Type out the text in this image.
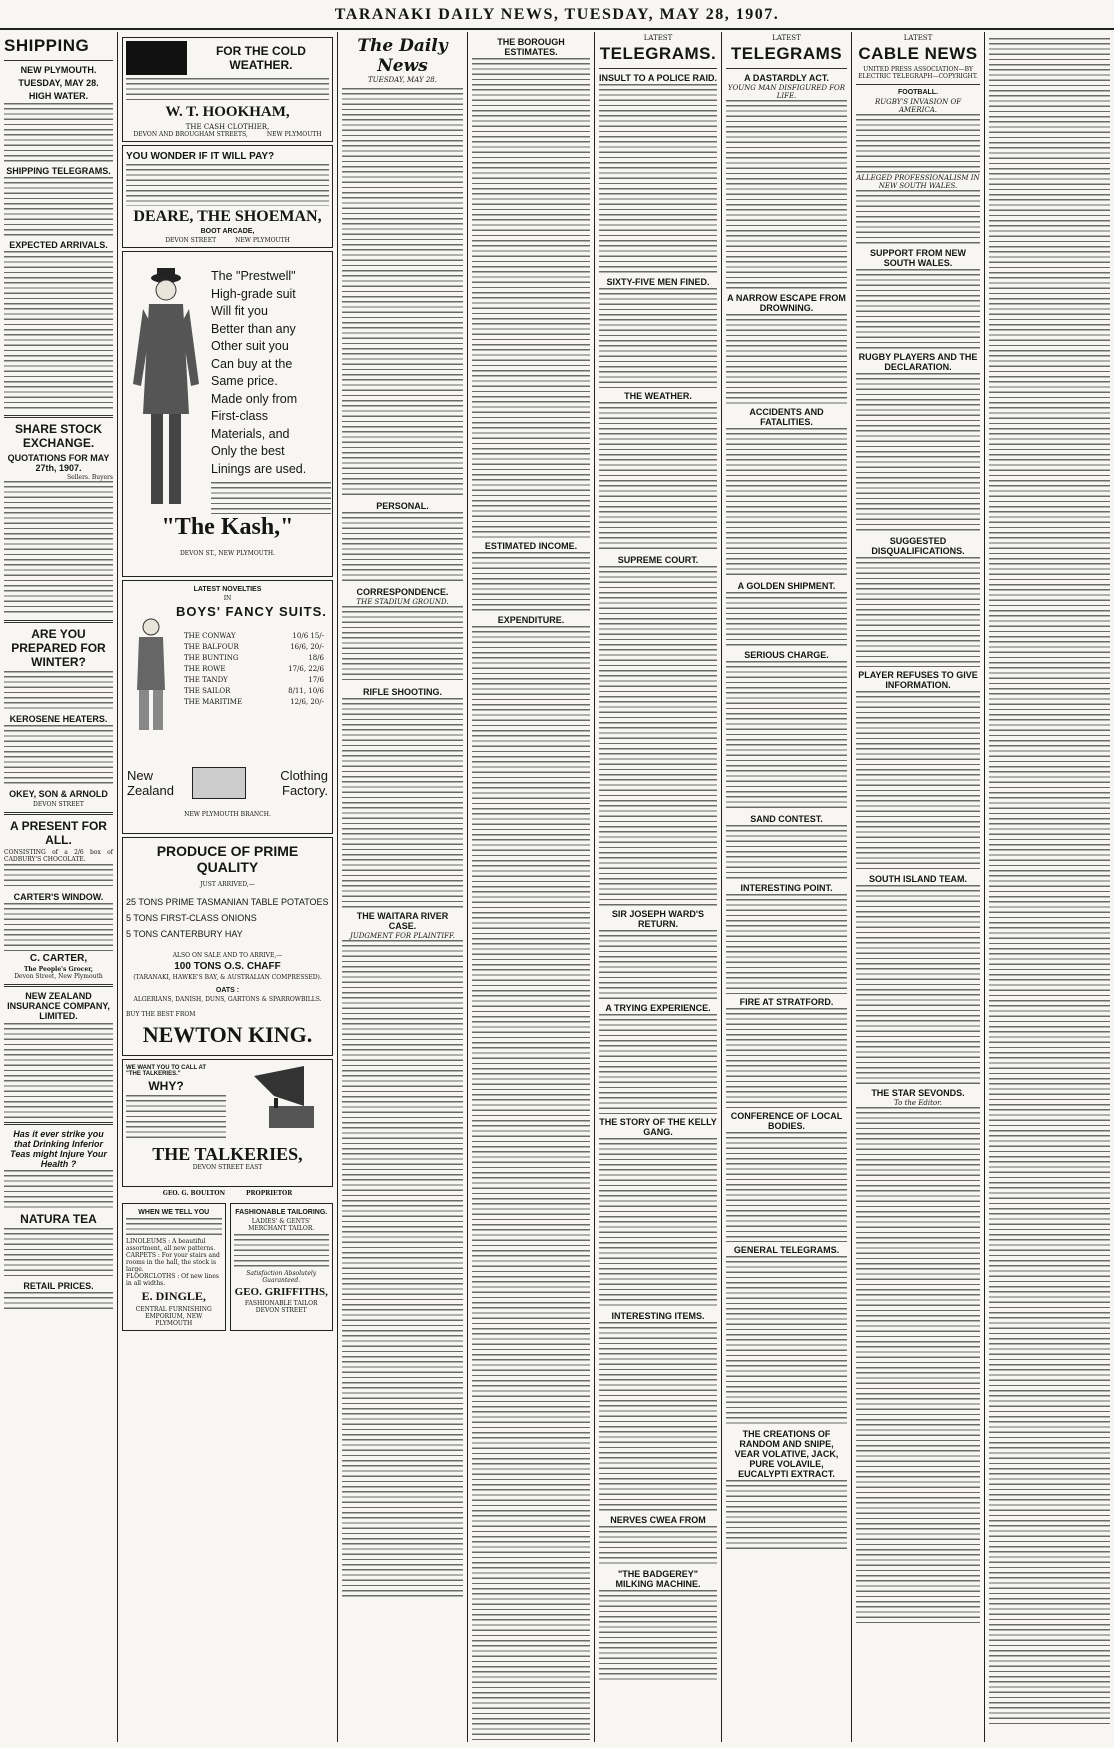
TARANAKI DAILY NEWS, TUESDAY, MAY 28, 1907.
SHIPPING
NEW PLYMOUTH.
TUESDAY, MAY 28.
HIGH WATER.
SHIPPING TELEGRAMS.
EXPECTED ARRIVALS.
SHARE STOCK EXCHANGE.
QUOTATIONS FOR MAY 27th, 1907.
Sellers. Buyers
ARE YOU PREPARED FOR WINTER?
KEROSENE HEATERS.
OKEY, SON & ARNOLD
DEVON STREET
A PRESENT FOR ALL.
CONSISTING of a 2/6 box of CADBURY'S CHOCOLATE.
CARTER'S WINDOW.
C. CARTER,
The People's Grocer,
Devon Street, New Plymouth
NEW ZEALAND INSURANCE COMPANY, LIMITED.
Has it ever strike you that Drinking Inferior Teas might Injure Your Health ?
NATURA TEA
RETAIL PRICES.
FOR THE COLD WEATHER.
W. T. HOOKHAM,
THE CASH CLOTHIER,
DEVON AND BROUGHAM STREETS,          NEW PLYMOUTH
YOU WONDER IF IT WILL PAY?
DEARE, THE SHOEMAN,
BOOT ARCADE,
DEVON STREET          NEW PLYMOUTH
The "Prestwell"
High-grade suit
Will fit you
Better than any
Other suit you
Can buy at the
Same price.
Made only from
First-class
Materials, and
Only the best
Linings are used.
"The Kash,"
DEVON ST., NEW PLYMOUTH.
LATEST NOVELTIES
IN
BOYS' FANCY SUITS.
THE CONWAY	10/6 15/-
THE BALFOUR	16/6, 20/-
THE BUNTING	18/6
THE ROWE	17/6, 22/6
THE TANDY	17/6
THE SAILOR	8/11, 10/6
THE MARITIME	12/6, 20/-
New Zealand
Clothing Factory.
NEW PLYMOUTH BRANCH.
PRODUCE OF PRIME QUALITY
JUST ARRIVED,—
25 TONS PRIME TASMANIAN TABLE POTATOES
5 TONS FIRST-CLASS ONIONS
5 TONS CANTERBURY HAY
ALSO ON SALE AND TO ARRIVE,—
100 TONS O.S. CHAFF
(TARANAKI, HAWKE'S BAY, & AUSTRALIAN COMPRESSED).
OATS :
ALGERIANS, DANISH, DUNS, GARTONS & SPARROWBILLS.
BUY THE BEST FROM
NEWTON KING.
WE WANT YOU TO CALL AT "THE TALKERIES."
WHY?
THE TALKERIES,
DEVON STREET EAST
GEO. G. BOULTON          PROPRIETOR
WHEN WE TELL YOU
LINOLEUMS : A beautiful assortment, all new patterns.
CARPETS : For your stairs and rooms in the hall, the stock is large.
FLOORCLOTHS : Of new lines in all widths.
E. DINGLE,
CENTRAL FURNISHING EMPORIUM, NEW PLYMOUTH
FASHIONABLE TAILORING.
LADIES' & GENTS' MERCHANT TAILOR.
Satisfaction Absolutely Guaranteed.
GEO. GRIFFITHS,
FASHIONABLE TAILOR DEVON STREET
The Daily News
TUESDAY, MAY 28.
PERSONAL.
CORRESPONDENCE.
THE STADIUM GROUND.
RIFLE SHOOTING.
THE WAITARA RIVER CASE.
JUDGMENT FOR PLAINTIFF.
THE BOROUGH ESTIMATES.
ESTIMATED INCOME.
EXPENDITURE.
LATEST
TELEGRAMS.
INSULT TO A POLICE RAID.
SIXTY-FIVE MEN FINED.
THE WEATHER.
SUPREME COURT.
SIR JOSEPH WARD'S RETURN.
A TRYING EXPERIENCE.
THE STORY OF THE KELLY GANG.
INTERESTING ITEMS.
NERVES CWEA FROM
"THE BADGEREY" MILKING MACHINE.
LATEST
TELEGRAMS
A DASTARDLY ACT.
YOUNG MAN DISFIGURED FOR LIFE.
A NARROW ESCAPE FROM DROWNING.
ACCIDENTS AND FATALITIES.
A GOLDEN SHIPMENT.
SERIOUS CHARGE.
SAND CONTEST.
INTERESTING POINT.
FIRE AT STRATFORD.
CONFERENCE OF LOCAL BODIES.
GENERAL TELEGRAMS.
THE CREATIONS OF RANDOM AND SNIPE, VEAR VOLATIVE, JACK, PURE VOLAVILE, EUCALYPTI EXTRACT.
LATEST
CABLE NEWS
UNITED PRESS ASSOCIATION—BY ELECTRIC TELEGRAPH—COPYRIGHT.
FOOTBALL.
RUGBY'S INVASION OF AMERICA.
ALLEGED PROFESSIONALISM IN NEW SOUTH WALES.
SUPPORT FROM NEW SOUTH WALES.
RUGBY PLAYERS AND THE DECLARATION.
SUGGESTED DISQUALIFICATIONS.
PLAYER REFUSES TO GIVE INFORMATION.
SOUTH ISLAND TEAM.
THE STAR SEVONDS.
To the Editor.
